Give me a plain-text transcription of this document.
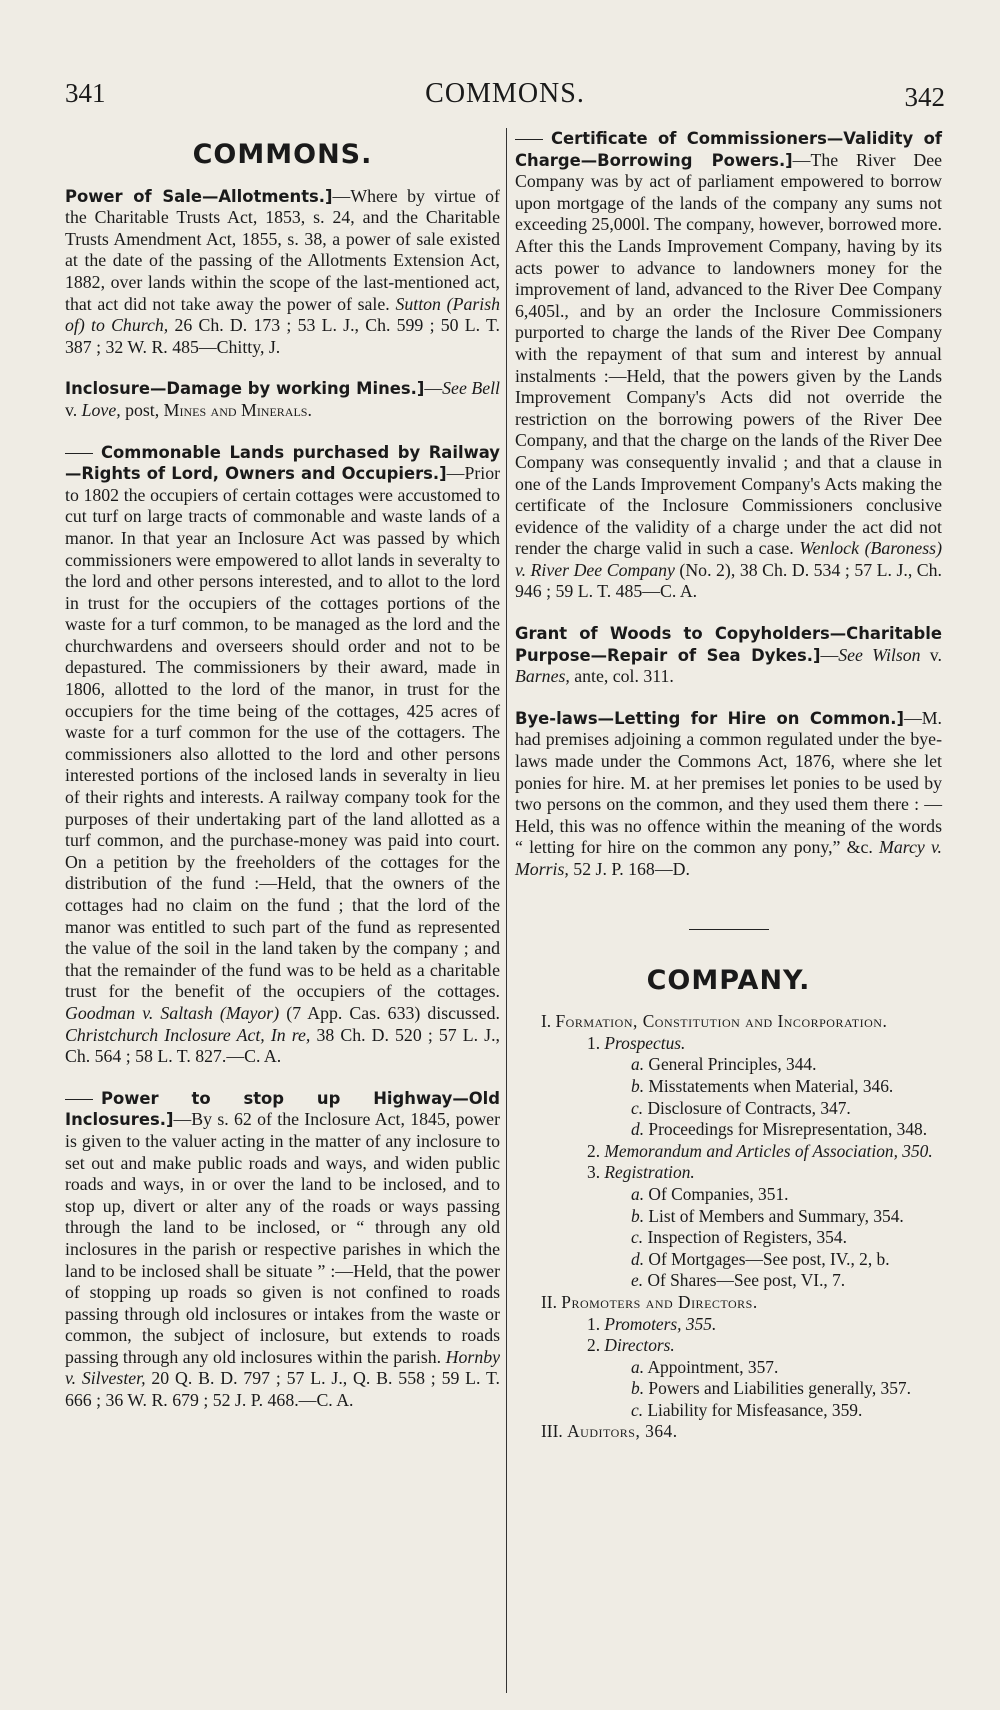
341	COMMONS.	342
COMMONS.

Power of Sale—Allotments.]—Where by virtue of the Charitable Trusts Act, 1853, s. 24, and the Charitable Trusts Amendment Act, 1855, s. 38, a power of sale existed at the date of the passing of the Allotments Extension Act, 1882, over lands within the scope of the last-mentioned act, that act did not take away the power of sale. Sutton (Parish of) to Church, 26 Ch. D. 173 ; 53 L. J., Ch. 599 ; 50 L. T. 387 ; 32 W. R. 485—Chitty, J.

Inclosure—Damage by working Mines.]—See Bell v. Love, post, Mines and Minerals.

Commonable Lands purchased by Railway—Rights of Lord, Owners and Occupiers.]—Prior to 1802 the occupiers of certain cottages were accustomed to cut turf on large tracts of commonable and waste lands of a manor. In that year an Inclosure Act was passed by which commissioners were empowered to allot lands in severalty to the lord and other persons interested, and to allot to the lord in trust for the occupiers of the cottages portions of the waste for a turf common, to be managed as the lord and the churchwardens and overseers should order and not to be depastured. The commissioners by their award, made in 1806, allotted to the lord of the manor, in trust for the occupiers for the time being of the cottages, 425 acres of waste for a turf common for the use of the cottagers. The commissioners also allotted to the lord and other persons interested portions of the inclosed lands in severalty in lieu of their rights and interests. A railway company took for the purposes of their undertaking part of the land allotted as a turf common, and the purchase-money was paid into court. On a petition by the freeholders of the cottages for the distribution of the fund :—Held, that the owners of the cottages had no claim on the fund ; that the lord of the manor was entitled to such part of the fund as represented the value of the soil in the land taken by the company ; and that the remainder of the fund was to be held as a charitable trust for the benefit of the occupiers of the cottages. Goodman v. Saltash (Mayor) (7 App. Cas. 633) discussed. Christchurch Inclosure Act, In re, 38 Ch. D. 520 ; 57 L. J., Ch. 564 ; 58 L. T. 827.—C. A.

Power to stop up Highway—Old Inclosures.]—By s. 62 of the Inclosure Act, 1845, power is given to the valuer acting in the matter of any inclosure to set out and make public roads and ways, and widen public roads and ways, in or over the land to be inclosed, and to stop up, divert or alter any of the roads or ways passing through the land to be inclosed, or “ through any old inclosures in the parish or respective parishes in which the land to be inclosed shall be situate ” :—Held, that the power of stopping up roads so given is not confined to roads passing through old inclosures or intakes from the waste or common, the subject of inclosure, but extends to roads passing through any old inclosures within the parish. Hornby v. Silvester, 20 Q. B. D. 797 ; 57 L. J., Q. B. 558 ; 59 L. T. 666 ; 36 W. R. 679 ; 52 J. P. 468.—C. A.

Certificate of Commissioners—Validity of Charge—Borrowing Powers.]—The River Dee Company was by act of parliament empowered to borrow upon mortgage of the lands of the company any sums not exceeding 25,000l. The company, however, borrowed more. After this the Lands Improvement Company, having by its acts power to advance to landowners money for the improvement of land, advanced to the River Dee Company 6,405l., and by an order the Inclosure Commissioners purported to charge the lands of the River Dee Company with the repayment of that sum and interest by annual instalments :—Held, that the powers given by the Lands Improvement Company's Acts did not override the restriction on the borrowing powers of the River Dee Company, and that the charge on the lands of the River Dee Company was consequently invalid ; and that a clause in one of the Lands Improvement Company's Acts making the certificate of the Inclosure Commissioners conclusive evidence of the validity of a charge under the act did not render the charge valid in such a case. Wenlock (Baroness) v. River Dee Company (No. 2), 38 Ch. D. 534 ; 57 L. J., Ch. 946 ; 59 L. T. 485—C. A.

Grant of Woods to Copyholders—Charitable Purpose—Repair of Sea Dykes.]—See Wilson v. Barnes, ante, col. 311.

Bye-laws—Letting for Hire on Common.]—M. had premises adjoining a common regulated under the bye-laws made under the Commons Act, 1876, where she let ponies for hire. M. at her premises let ponies to be used by two persons on the common, and they used them there : — Held, this was no offence within the meaning of the words “ letting for hire on the common any pony,” &c. Marcy v. Morris, 52 J. P. 168—D.

COMPANY.
I. Formation, Constitution and Incorporation.
1. Prospectus.
a. General Principles, 344.
b. Misstatements when Material, 346.
c. Disclosure of Contracts, 347.
d. Proceedings for Misrepresentation, 348.
2. Memorandum and Articles of Association, 350.
3. Registration.
a. Of Companies, 351.
b. List of Members and Summary, 354.
c. Inspection of Registers, 354.
d. Of Mortgages—See post, IV., 2, b.
e. Of Shares—See post, VI., 7.
II. Promoters and Directors.
1. Promoters, 355.
2. Directors.
a. Appointment, 357.
b. Powers and Liabilities generally, 357.
c. Liability for Misfeasance, 359.
III. Auditors, 364.
